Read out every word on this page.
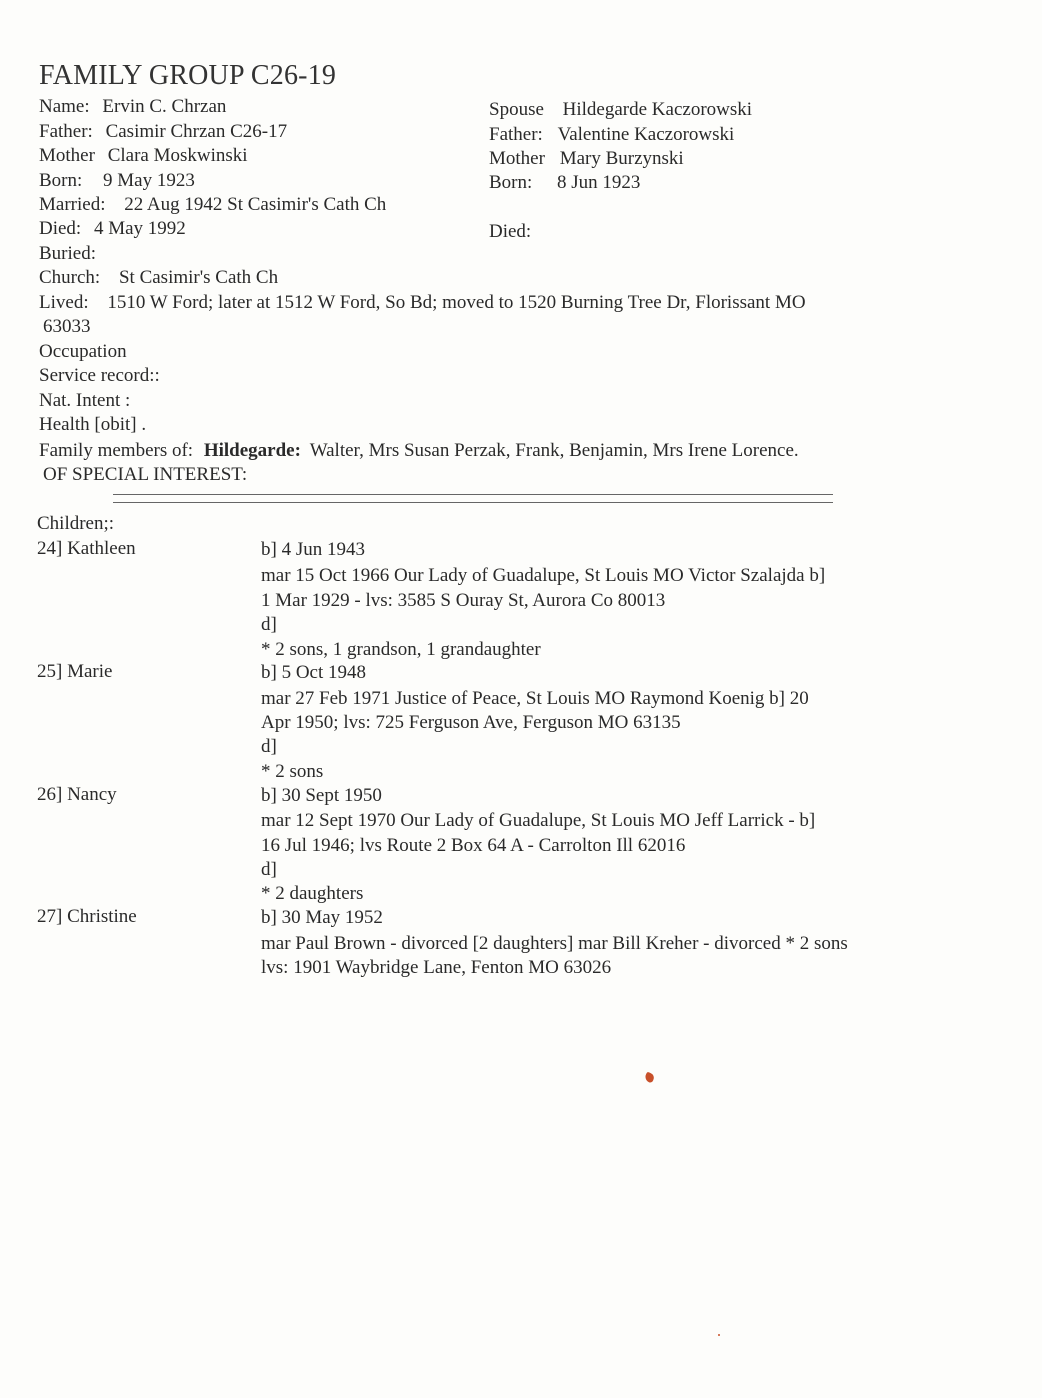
FAMILY GROUP C26-19
Name: Ervin C. Chrzan
Father: Casimir Chrzan C26-17
Mother Clara Moskwinski
Born: 9 May 1923
Married: 22 Aug 1942 St Casimir's Cath Ch
Died: 4 May 1992
Buried:
Church: St Casimir's Cath Ch
Lived: 1510 W Ford; later at 1512 W Ford, So Bd; moved to 1520 Burning Tree Dr, Florissant MO
63033
Occupation
Service record::
Nat. Intent :
Health [obit] .
Family members of: Hildegarde: Walter, Mrs Susan Perzak, Frank, Benjamin, Mrs Irene Lorence.
OF SPECIAL INTEREST:
Spouse Hildegarde Kaczorowski
Father: Valentine Kaczorowski
Mother Mary Burzynski
Born: 8 Jun 1923
Died:
Children;:
24] Kathleen	b] 4 Jun 1943
mar 15 Oct 1966 Our Lady of Guadalupe, St Louis MO Victor Szalajda b]
1 Mar 1929 - lvs: 3585 S Ouray St, Aurora Co 80013
d]
* 2 sons, 1 grandson, 1 grandaughter
25] Marie	b] 5 Oct 1948
mar 27 Feb 1971 Justice of Peace, St Louis MO Raymond Koenig b] 20
Apr 1950; lvs: 725 Ferguson Ave, Ferguson MO 63135
d]
* 2 sons
26] Nancy	b] 30 Sept 1950
mar 12 Sept 1970 Our Lady of Guadalupe, St Louis MO Jeff Larrick - b]
16 Jul 1946; lvs Route 2 Box 64 A - Carrolton Ill 62016
d]
* 2 daughters
27] Christine	b] 30 May 1952
mar Paul Brown - divorced [2 daughters] mar Bill Kreher - divorced * 2 sons
lvs: 1901 Waybridge Lane, Fenton MO 63026
